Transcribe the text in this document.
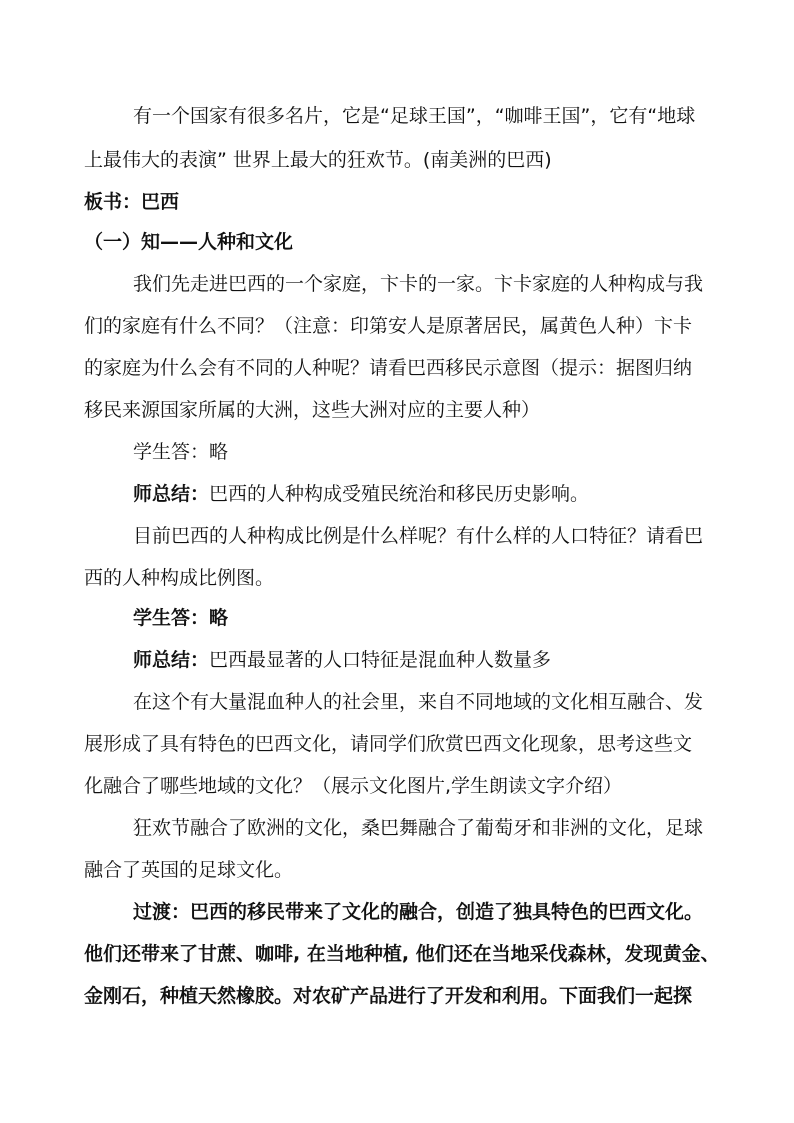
有一个国家有很多名片，它是“足球王国”，“咖啡王国”，它有“地球
上最伟大的表演” 世界上最大的狂欢节。(南美洲的巴西)
板书：巴西
（一）知——人种和文化
我们先走进巴西的一个家庭，卞卡的一家。卞卡家庭的人种构成与我
们的家庭有什么不同？（注意：印第安人是原著居民，属黄色人种）卞卡
的家庭为什么会有不同的人种呢？请看巴西移民示意图（提示：据图归纳
移民来源国家所属的大洲，这些大洲对应的主要人种）
学生答：略
师总结：巴西的人种构成受殖民统治和移民历史影响。
目前巴西的人种构成比例是什么样呢？有什么样的人口特征？请看巴
西的人种构成比例图。
学生答：略
师总结：巴西最显著的人口特征是混血种人数量多
在这个有大量混血种人的社会里，来自不同地域的文化相互融合、发
展形成了具有特色的巴西文化，请同学们欣赏巴西文化现象，思考这些文
化融合了哪些地域的文化？（展示文化图片,学生朗读文字介绍）
狂欢节融合了欧洲的文化，桑巴舞融合了葡萄牙和非洲的文化，足球
融合了英国的足球文化。
过渡：巴西的移民带来了文化的融合，创造了独具特色的巴西文化。
他们还带来了甘蔗、咖啡, 在当地种植, 他们还在当地采伐森林，发现黄金、
金刚石，种植天然橡胶。对农矿产品进行了开发和利用。下面我们一起探
